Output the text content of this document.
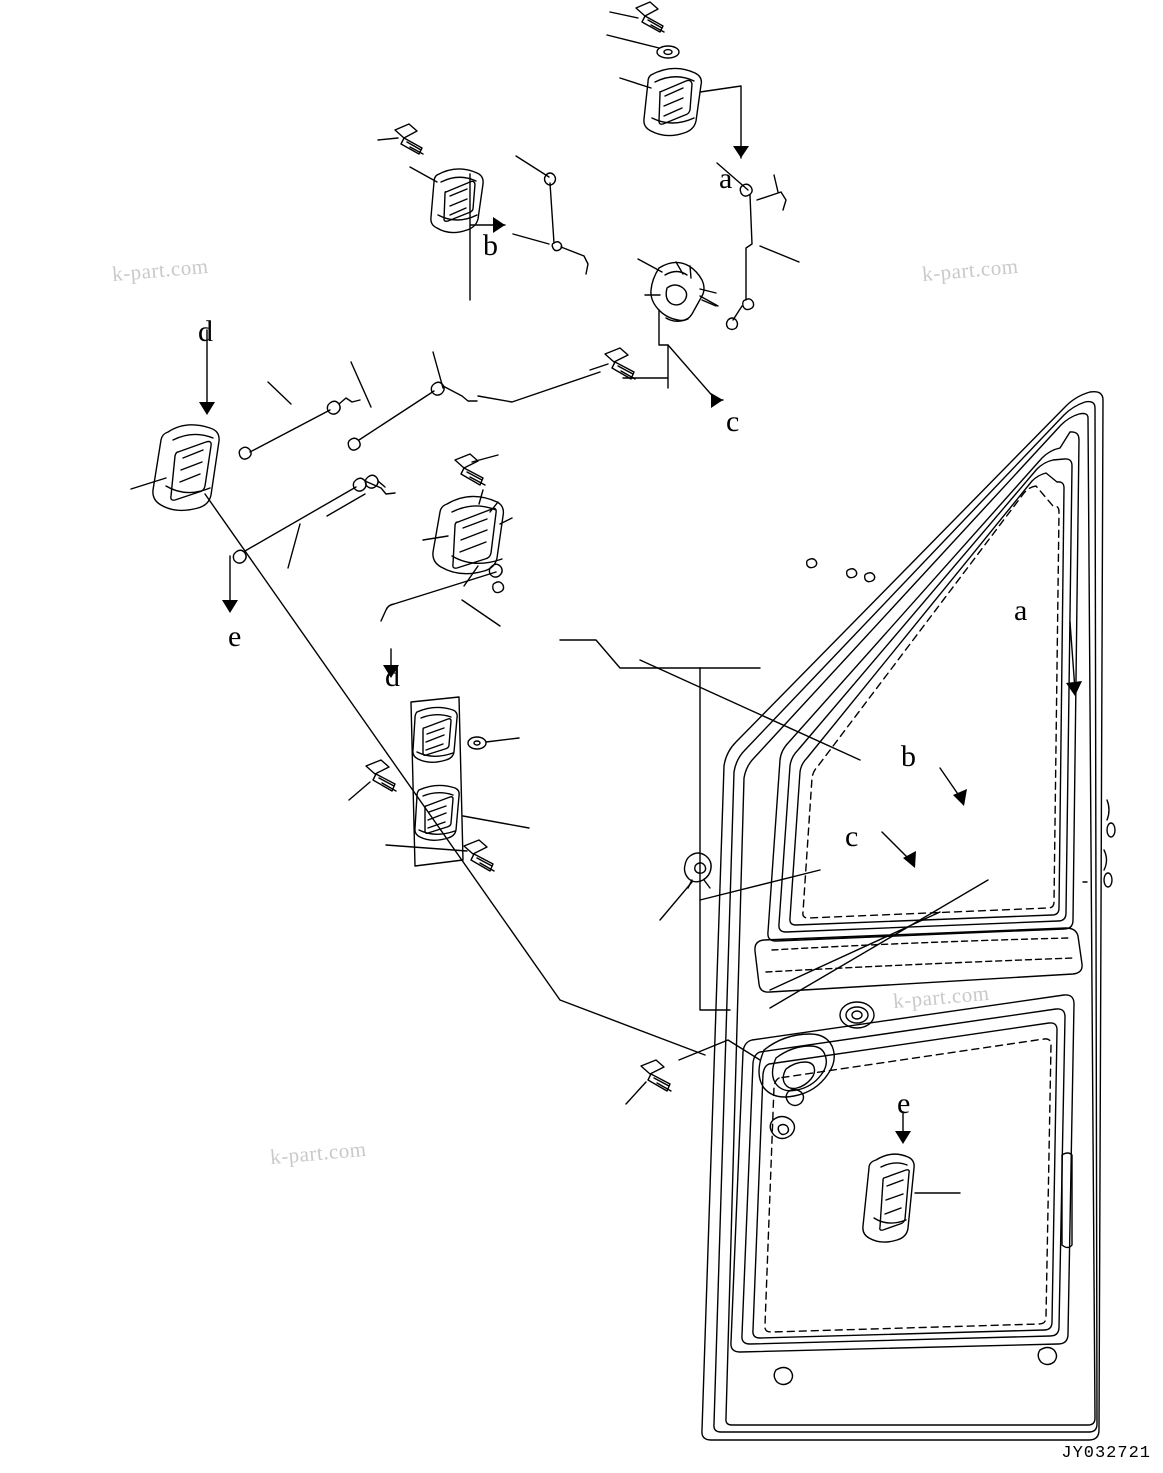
k-part.com	k-part.com
k-part.com
k-part.com
a
b
c
d
e
d
a
b
c
e
JY032721
